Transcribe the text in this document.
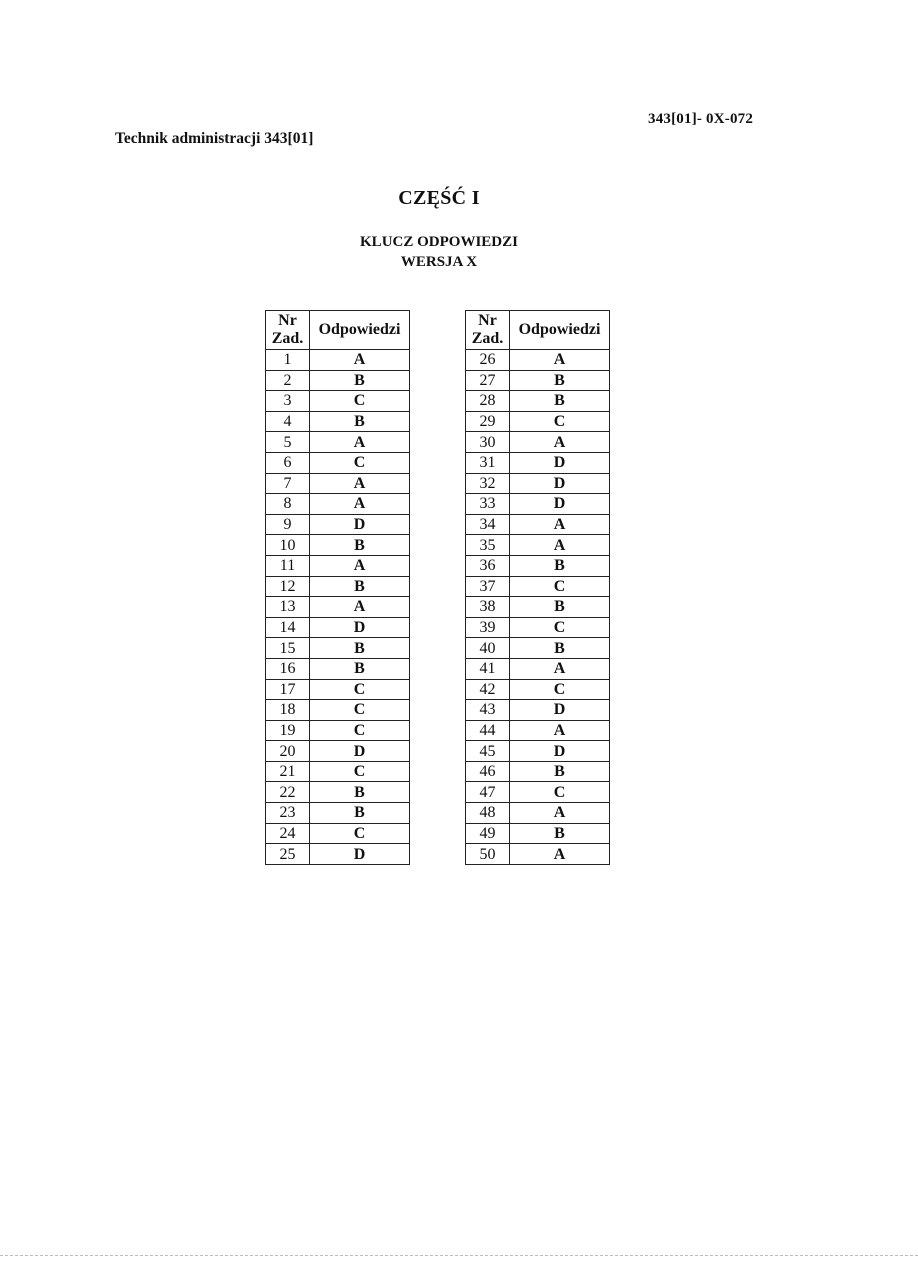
343[01]- 0X-072
Technik administracji 343[01]
CZĘŚĆ I
KLUCZ ODPOWIEDZI
WERSJA X
Nr
Zad.	Odpowiedzi
1	A
2	B
3	C
4	B
5	A
6	C
7	A
8	A
9	D
10	B
11	A
12	B
13	A
14	D
15	B
16	B
17	C
18	C
19	C
20	D
21	C
22	B
23	B
24	C
25	D
Nr
Zad.	Odpowiedzi
26	A
27	B
28	B
29	C
30	A
31	D
32	D
33	D
34	A
35	A
36	B
37	C
38	B
39	C
40	B
41	A
42	C
43	D
44	A
45	D
46	B
47	C
48	A
49	B
50	A
